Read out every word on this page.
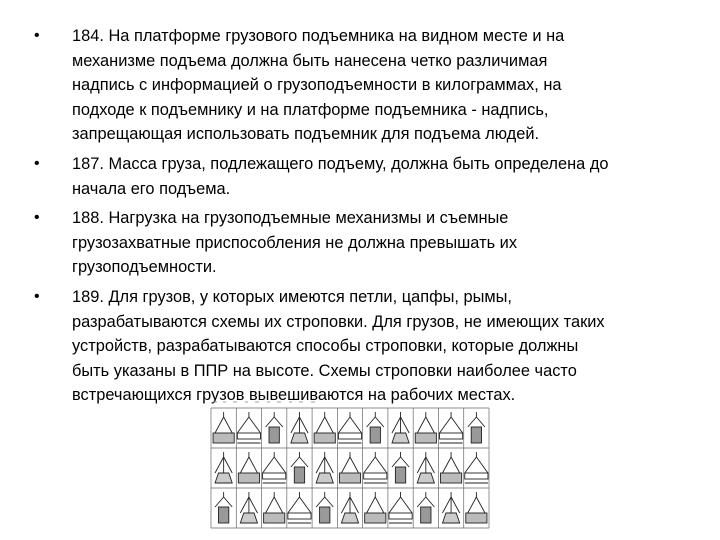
• 184. На платформе грузового подъемника на видном месте и на
механизме подъема должна быть нанесена четко различимая
надпись с информацией о грузоподъемности в килограммах, на
подходе к подъемнику и на платформе подъемника - надпись,
запрещающая использовать подъемник для подъема людей.
• 187. Масса груза, подлежащего подъему, должна быть определена до
начала его подъема.
• 188. Нагрузка на грузоподъемные механизмы и съемные
грузозахватные приспособления не должна превышать их
грузоподъемности.
• 189. Для грузов, у которых имеются петли, цапфы, рымы,
разрабатываются схемы их строповки. Для грузов, не имеющих таких
устройств, разрабатываются способы строповки, которые должны
быть указаны в ППР на высоте. Схемы строповки наиболее часто
встречающихся грузов вывешиваются на рабочих местах.
